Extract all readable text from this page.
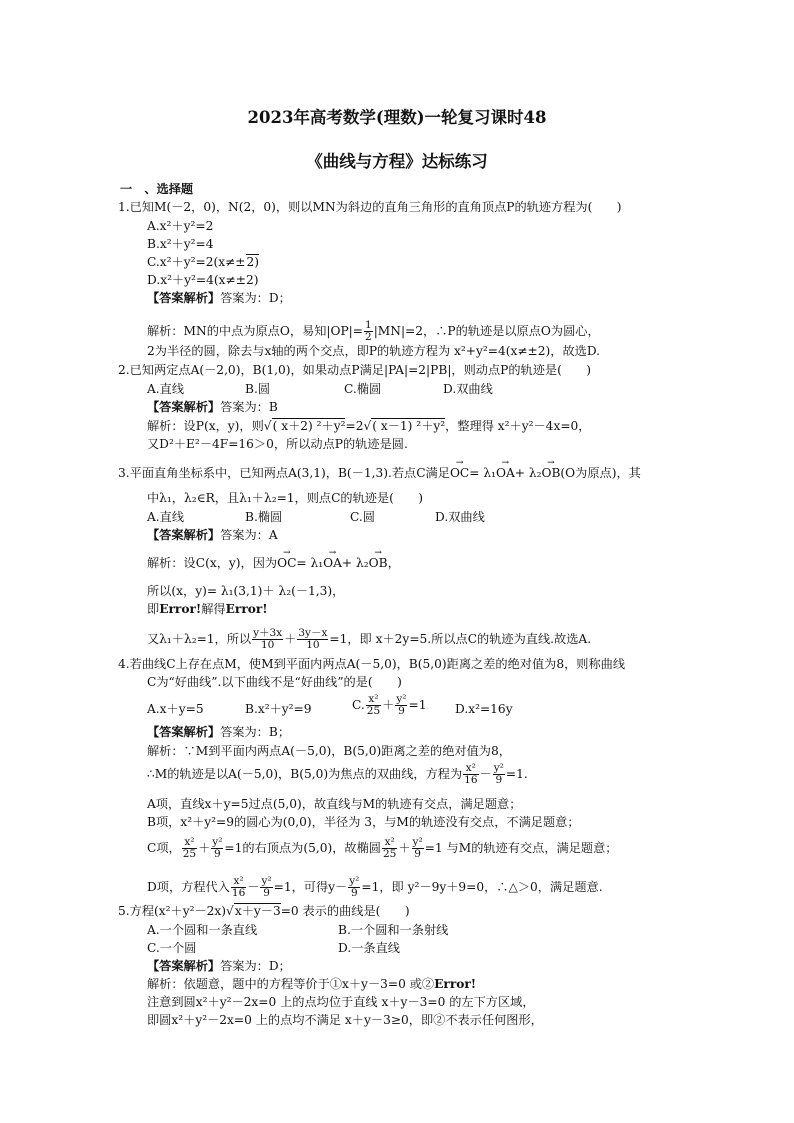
2023年高考数学(理数)一轮复习课时48
《曲线与方程》达标练习
一　、选择题
1.已知M(－2，0)，N(2，0)，则以MN为斜边的直角三角形的直角顶点P的轨迹方程为(　　)
A.x²＋y²=2
B.x²＋y²=4
C.x²＋y²=2(x≠±2)
D.x²＋y²=4(x≠±2)
【答案解析】答案为：D；
解析：MN的中点为原点O，易知$|OP|= \frac{1}{2} |MN|=2$，∴P的轨迹是以原点O为圆心，
2为半径的圆，除去与x轴的两个交点，即P的轨迹方程为 x²+y²=4(x≠±2)，故选D.
2.已知两定点A(－2,0)，B(1,0)，如果动点P满足|PA|=2|PB|，则动点P的轨迹是(　　)
A.直线	B.圆	C.椭圆	D.双曲线
【答案解析】答案为：B
解析：设P(x，y)，则√( x＋2) ²＋y²=2√( x－1) ²＋y²，整理得 x²＋y²－4x=0，
又D²＋E²－4F=16＞0，所以动点P的轨迹是圆.
3.平面直角坐标系中，已知两点A(3,1)，B(－1,3).若点C满足→ OC= λ₁→ OA+ λ₂→ OB(O为原点)，其
中λ₁，λ₂∈R，且λ₁＋λ₂=1，则点C的轨迹是(　　)
A.直线	B.椭圆	C.圆	D.双曲线
【答案解析】答案为：A
解析：设C(x，y)，因为→ OC= λ₁→ OA+ λ₂→ OB，
所以(x，y)= λ₁(3,1)＋ λ₂(－1,3)，
即Error!解得Error!
又λ₁＋λ₂=1，所以 $\frac{y+3x}{10} + \frac{3y-x}{10} =1$，即 x＋2y=5.所以点C的轨迹为直线.故选A.
4.若曲线C上存在点M，使M到平面内两点A(－5,0)，B(5,0)距离之差的绝对值为8，则称曲线
C为“好曲线”.以下曲线不是“好曲线”的是(　　)
A.x＋y=5	B.x²＋y²=9	C. $\frac{\text{x²}}{25} + \frac{\text{y²}}{9} =1$ D.x²=16y
【答案解析】答案为：B；
解析：∵M到平面内两点A(－5,0)，B(5,0)距离之差的绝对值为8，
∴M的轨迹是以A(－5,0)，B(5,0)为焦点的双曲线，方程为 $\frac{\text{x²}}{16} - \frac{\text{y²}}{9} =1$.
A项，直线x＋y=5过点(5,0)，故直线与M的轨迹有交点，满足题意；
B项，x²＋y²=9的圆心为(0,0)，半径为 3，与M的轨迹没有交点，不满足题意；
C项， $\frac{\text{x²}}{25} + \frac{\text{y²}}{9} =1$的右顶点为(5,0)，故椭圆 $\frac{\text{x²}}{25} + \frac{\text{y²}}{9} =1$ 与M的轨迹有交点，满足题意；
D项，方程代入 $\frac{\text{x²}}{16} - \frac{\text{y²}}{9} =1$，可得$y- \frac{\text{y²}}{9} =1$，即 y²－9y＋9=0，∴△＞0，满足题意.
5.方程(x²＋y²－2x)√x＋y－3=0 表示的曲线是(　　)
A.一个圆和一条直线	B.一个圆和一条射线
C.一个圆	D.一条直线
【答案解析】答案为：D；
解析：依题意，题中的方程等价于①x＋y－3=0 或②Error!
注意到圆x²＋y²－2x=0 上的点均位于直线 x＋y－3=0 的左下方区域，
即圆x²＋y²－2x=0 上的点均不满足 x＋y－3≥0，即②不表示任何图形，
